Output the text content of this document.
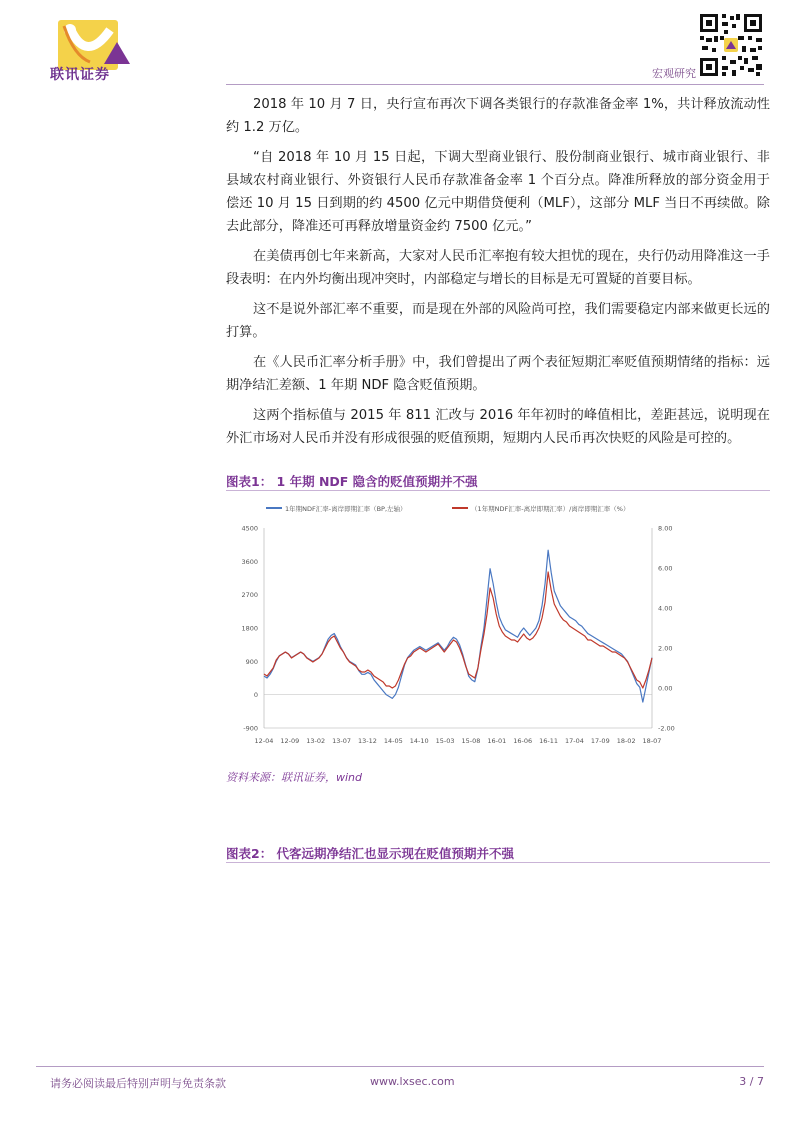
联讯证券	宏观研究

2018 年 10 月 7 日，央行宣布再次下调各类银行的存款准备金率 1%，共计释放流动性约 1.2 万亿。

“自 2018 年 10 月 15 日起，下调大型商业银行、股份制商业银行、城市商业银行、非县域农村商业银行、外资银行人民币存款准备金率 1 个百分点。降准所释放的部分资金用于偿还 10 月 15 日到期的约 4500 亿元中期借贷便利（MLF），这部分 MLF 当日不再续做。除去此部分，降准还可再释放增量资金约 7500 亿元。”

在美债再创七年来新高，大家对人民币汇率抱有较大担忧的现在，央行仍动用降准这一手段表明：在内外均衡出现冲突时，内部稳定与增长的目标是无可置疑的首要目标。

这不是说外部汇率不重要，而是现在外部的风险尚可控，我们需要稳定内部来做更长远的打算。

在《人民币汇率分析手册》中，我们曾提出了两个表征短期汇率贬值预期情绪的指标：远期净结汇差额、1 年期 NDF 隐含贬值预期。

这两个指标值与 2015 年 811 汇改与 2016 年年初时的峰值相比，差距甚远，说明现在外汇市场对人民币并没有形成很强的贬值预期，短期内人民币再次快贬的风险是可控的。

图表1： 1 年期 NDF 隐含的贬值预期并不强
1年期NDF汇率-离岸即期汇率（BP,左轴）	（1年期NDF汇率-离岸即期汇率）/离岸即期汇率（%）
4500
3600
2700
1800
900
0
-900
8.00
6.00
4.00
2.00
0.00
-2.00
12-04 12-09 13-02 13-07 13-12 14-05 14-10 15-03 15-08 16-01 16-06 16-11 17-04 17-09 18-02 18-07
资料来源：联讯证券，wind
图表2： 代客远期净结汇也显示现在贬值预期并不强
请务必阅读最后特别声明与免责条款	www.lxsec.com	3 / 7
